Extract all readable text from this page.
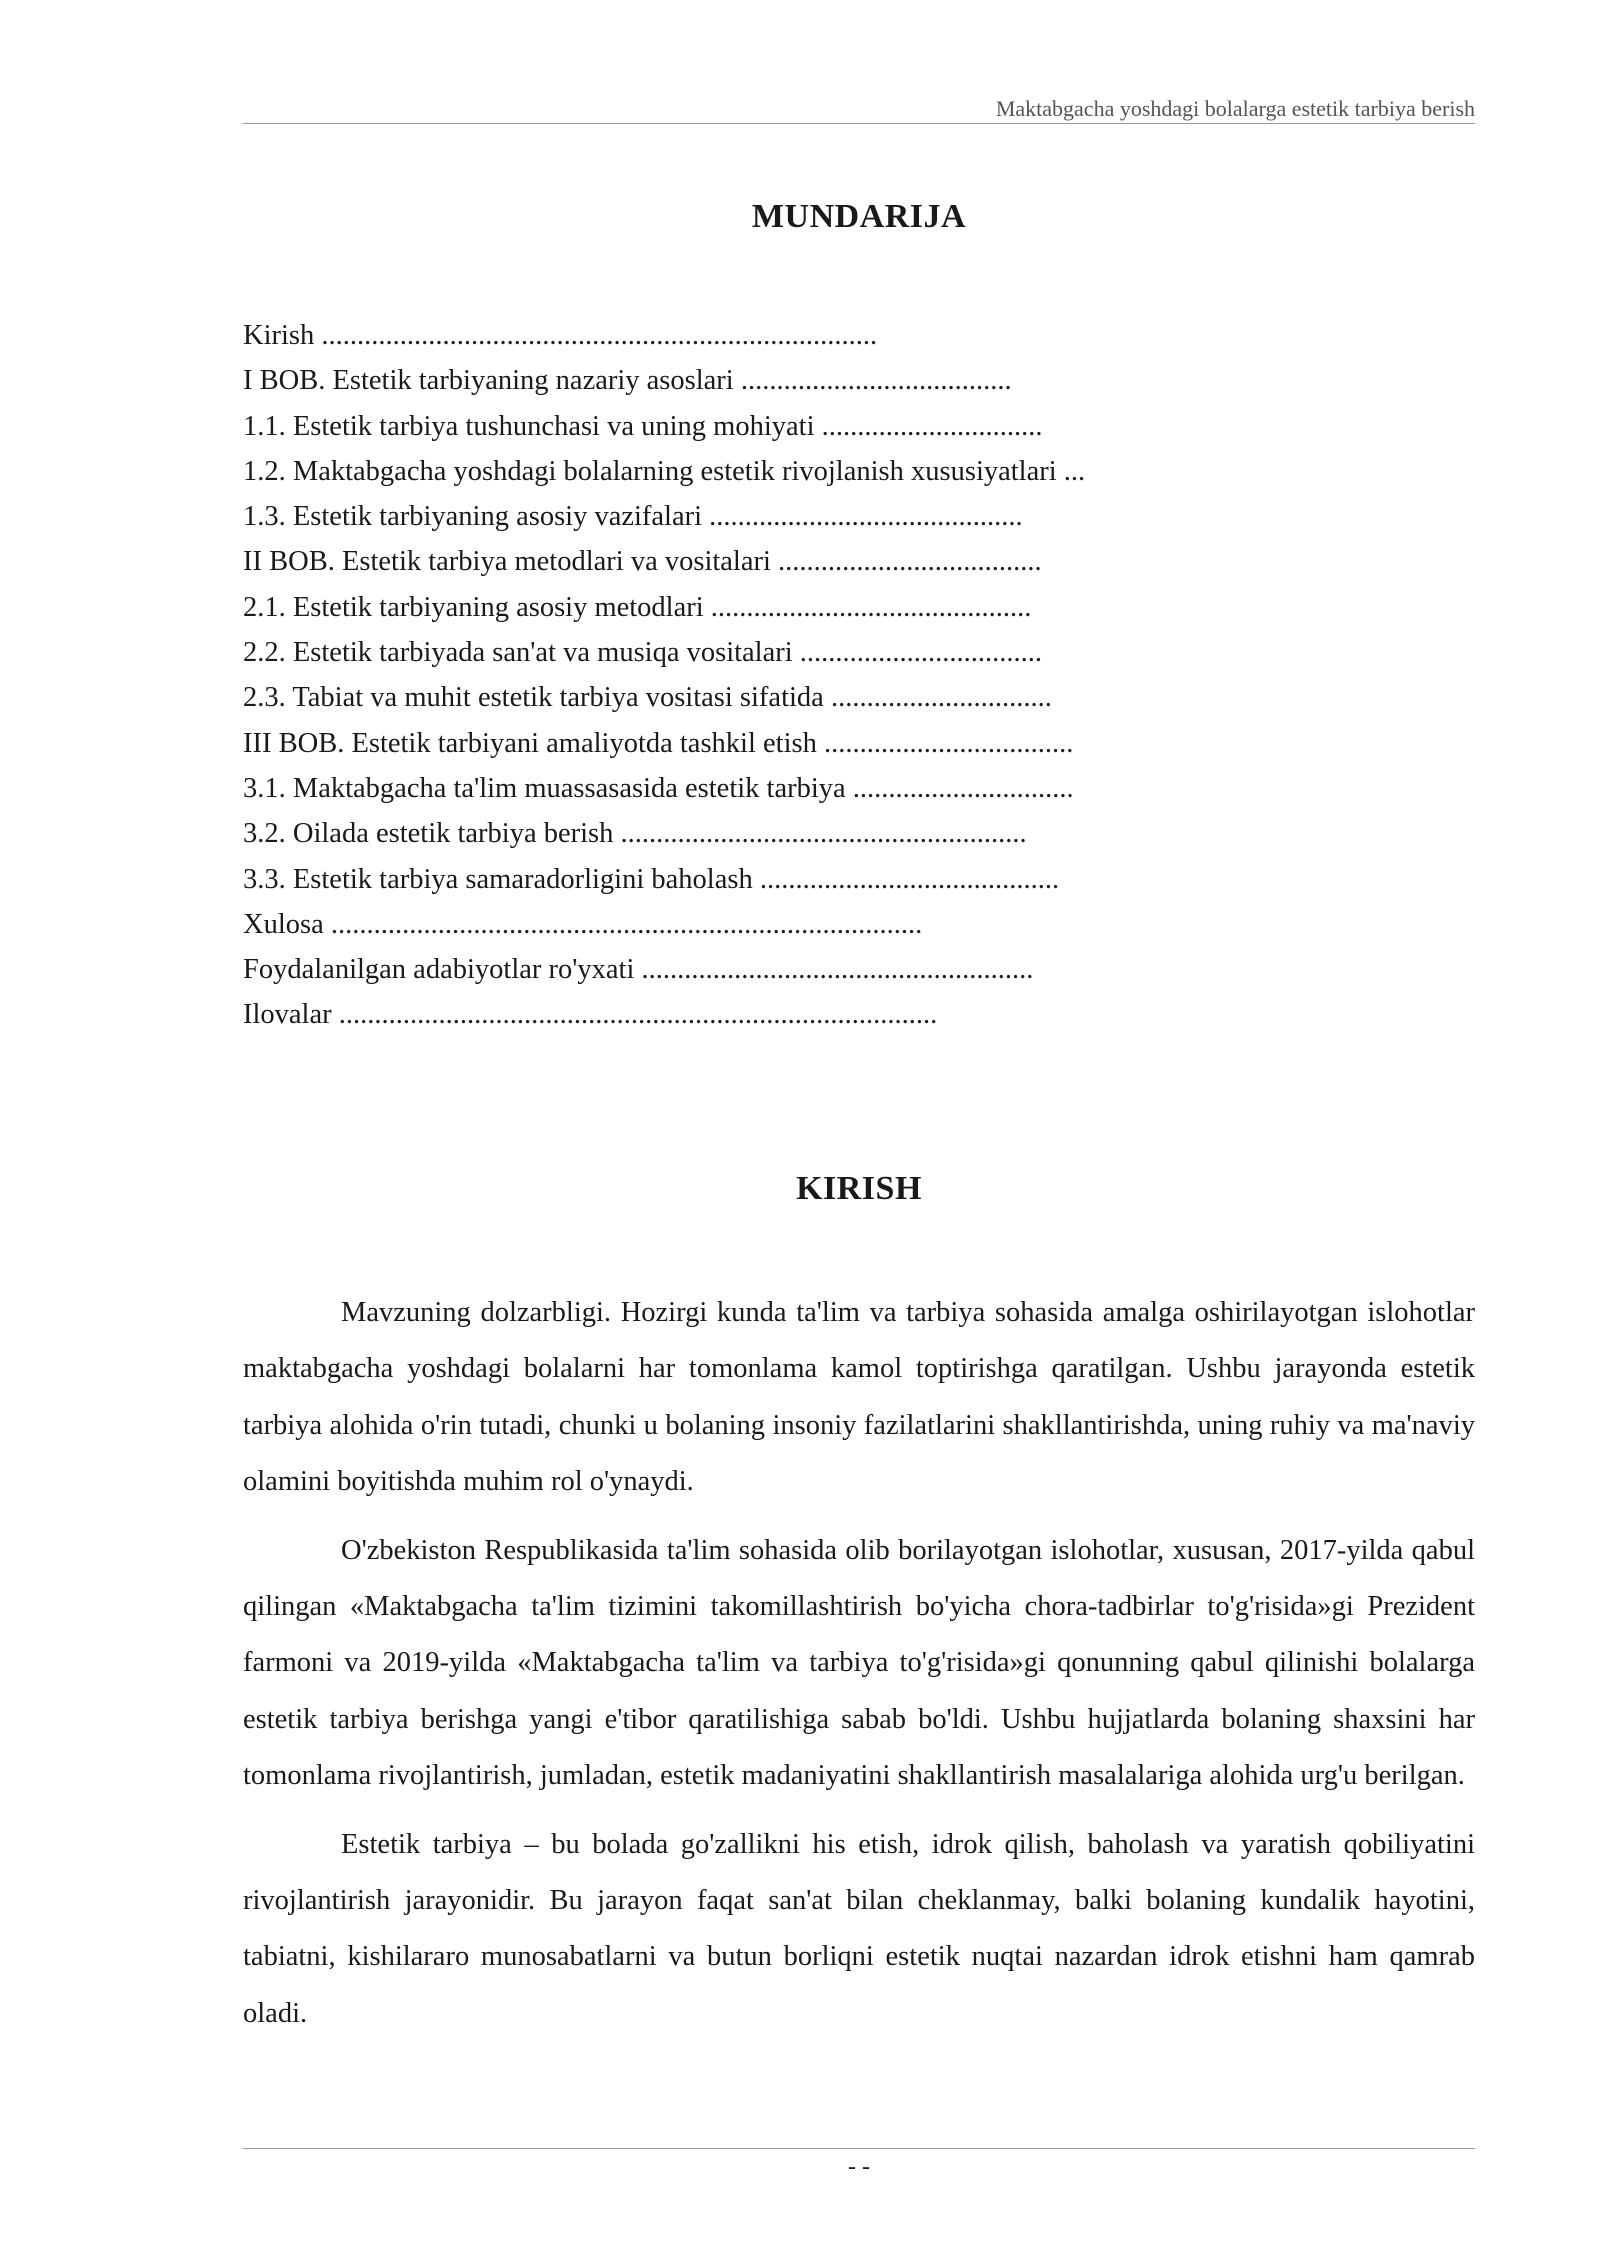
Maktabgacha yoshdagi bolalarga estetik tarbiya berish
MUNDARIJA
Kirish ..............................................................................
I BOB. Estetik tarbiyaning nazariy asoslari ......................................
1.1. Estetik tarbiya tushunchasi va uning mohiyati ...............................
1.2. Maktabgacha yoshdagi bolalarning estetik rivojlanish xususiyatlari ...
1.3. Estetik tarbiyaning asosiy vazifalari ............................................
II BOB. Estetik tarbiya metodlari va vositalari .....................................
2.1. Estetik tarbiyaning asosiy metodlari .............................................
2.2. Estetik tarbiyada san'at va musiqa vositalari ..................................
2.3. Tabiat va muhit estetik tarbiya vositasi sifatida ...............................
III BOB. Estetik tarbiyani amaliyotda tashkil etish ...................................
3.1. Maktabgacha ta'lim muassasasida estetik tarbiya ...............................
3.2. Oilada estetik tarbiya berish .........................................................
3.3. Estetik tarbiya samaradorligini baholash ..........................................
Xulosa ...................................................................................
Foydalanilgan adabiyotlar ro'yxati .......................................................
Ilovalar ....................................................................................
KIRISH

Mavzuning dolzarbligi. Hozirgi kunda ta'lim va tarbiya sohasida amalga oshirilayotgan islohotlar maktabgacha yoshdagi bolalarni har tomonlama kamol toptirishga qaratilgan. Ushbu jarayonda estetik tarbiya alohida o'rin tutadi, chunki u bolaning insoniy fazilatlarini shakllantirishda, uning ruhiy va ma'naviy olamini boyitishda muhim rol o'ynaydi.

O'zbekiston Respublikasida ta'lim sohasida olib borilayotgan islohotlar, xususan, 2017-yilda qabul qilingan «Maktabgacha ta'lim tizimini takomillashtirish bo'yicha chora-tadbirlar to'g'risida»gi Prezident farmoni va 2019-yilda «Maktabgacha ta'lim va tarbiya to'g'risida»gi qonunning qabul qilinishi bolalarga estetik tarbiya berishga yangi e'tibor qaratilishiga sabab bo'ldi. Ushbu hujjatlarda bolaning shaxsini har tomonlama rivojlantirish, jumladan, estetik madaniyatini shakllantirish masalalariga alohida urg'u berilgan.

Estetik tarbiya – bu bolada go'zallikni his etish, idrok qilish, baholash va yaratish qobiliyatini rivojlantirish jarayonidir. Bu jarayon faqat san'at bilan cheklanmay, balki bolaning kundalik hayotini, tabiatni, kishilararo munosabatlarni va butun borliqni estetik nuqtai nazardan idrok etishni ham qamrab oladi.

- -
